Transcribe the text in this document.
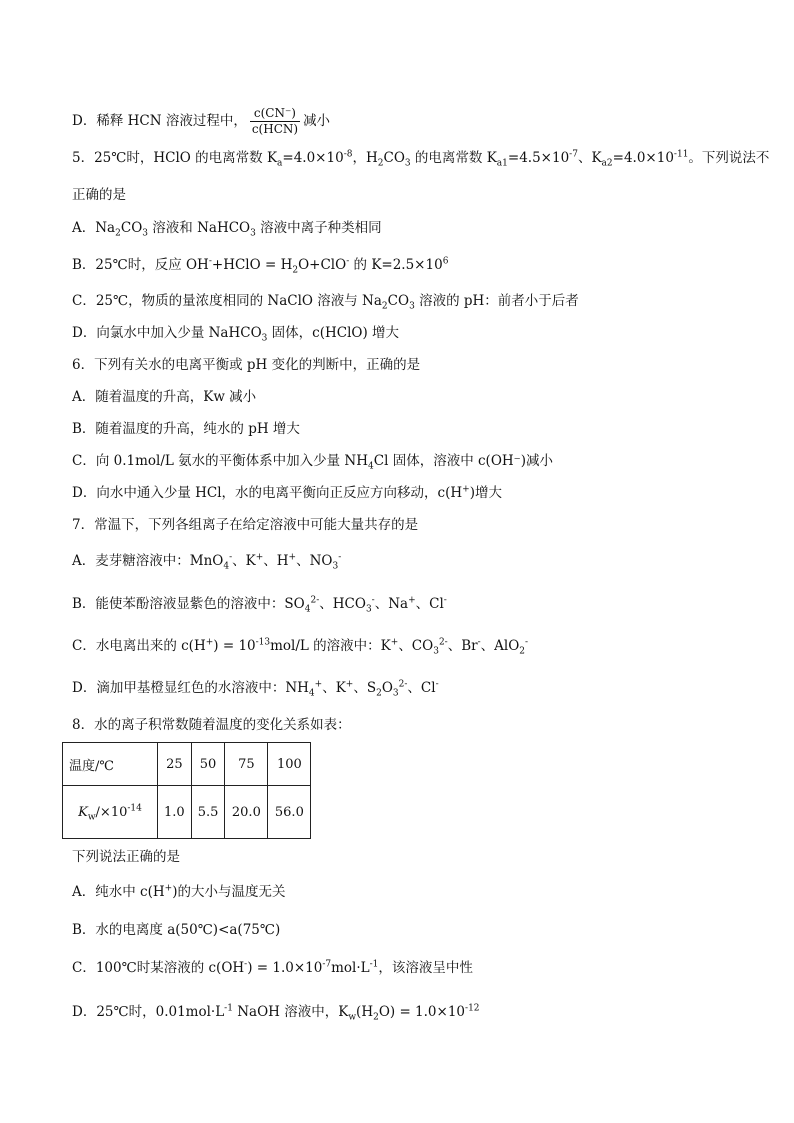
D．稀释 HCN 溶液过程中， $\frac{c(CN^-)}{\text{c(HCN)}}$ 减小
5．25℃时，HClO 的电离常数 $K_a=4.0\times 10^{-8}$，$H_2CO_3$ 的电离常数 $K_{a1}=4.5\times 10^{-7}$、$K_{a2}=4.0\times 10^{-11}$。下列说法不
正确的是
A．$Na_2CO_3$ 溶液和 NaHCO$_3$ 溶液中离子种类相同
B．25℃时，反应 OH-+HClO = $H_2O+ClO^-$ 的 $K=2.5\times 10^6$
C．25℃，物质的量浓度相同的 NaClO 溶液与 $Na_2CO_3$ 溶液的 pH：前者小于后者
D．向氯水中加入少量 NaHCO$_3$ 固体，c(HClO) 增大
6．下列有关水的电离平衡或 pH 变化的判断中，正确的是
A．随着温度的升高，Kw 减小
B．随着温度的升高，纯水的 pH 增大
C．向 0.1mol/L 氨水的平衡体系中加入少量 $NH_4Cl$ 固体，溶液中 c(OH⁻)减小
D．向水中通入少量 HCl，水的电离平衡向正反应方向移动，c(H+)增大
7．常温下，下列各组离子在给定溶液中可能大量共存的是
A．麦芽糖溶液中：MnO$_4$-、K+、H+、$NO_3^-$
B．能使苯酚溶液显紫色的溶液中：$SO_4^{2-}$、$HCO_3^-$、Na+、Cl-
C．水电离出来的 $c(H^+) = 10^{-13}mol/L$ 的溶液中：K+、$CO_3^{2-}$、Br-、AlO$_2$-
D．滴加甲基橙显红色的水溶液中：$NH_4^+$、K+、$S_2O_3^{2-}$、Cl-
8．水的离子积常数随着温度的变化关系如表：
温度/℃	25	50	75	100
$K_w/\times 10^{-14}$	1.0	5.5	20.0	56.0
下列说法正确的是
A．纯水中 c(H+)的大小与温度无关
B．水的电离度 a(50℃)<a(75℃)
C．100℃时某溶液的 $c(OH^-) = 1.0\times 10^{-7}mol\cdot L^{-1}$，该溶液呈中性
D．25℃时，$0.01mol\cdot L^{-1}$ NaOH 溶液中，$K_w(H_2O) = 1.0\times 10^{-12}$
